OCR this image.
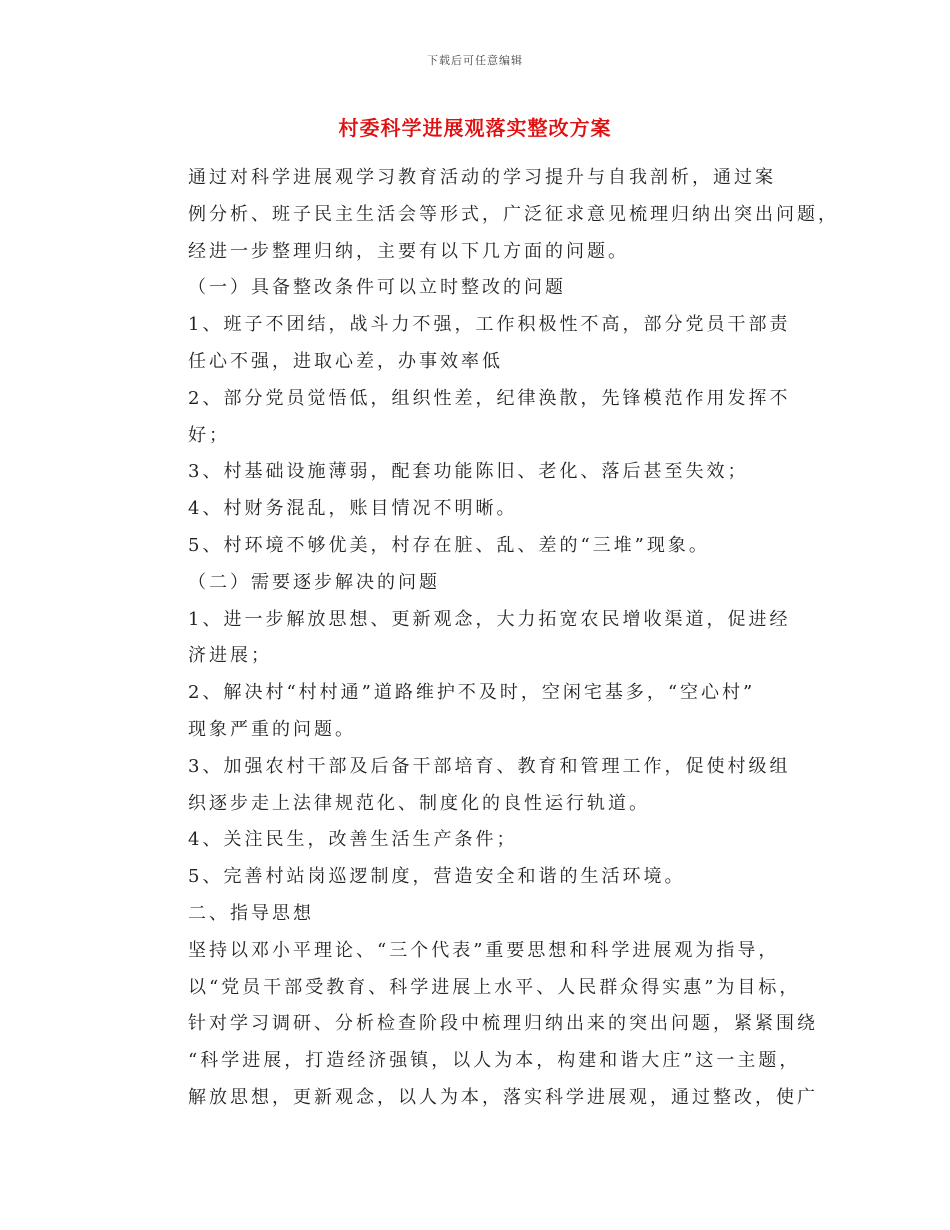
下载后可任意编辑
村委科学进展观落实整改方案

通过对科学进展观学习教育活动的学习提升与自我剖析，通过案
例分析、班子民主生活会等形式，广泛征求意见梳理归纳出突出问题，
经进一步整理归纳，主要有以下几方面的问题。

（一）具备整改条件可以立时整改的问题

1、班子不团结，战斗力不强，工作积极性不高，部分党员干部责
任心不强，进取心差，办事效率低

2、部分党员觉悟低，组织性差，纪律涣散，先锋模范作用发挥不
好；

3、村基础设施薄弱，配套功能陈旧、老化、落后甚至失效；

4、村财务混乱，账目情况不明晰。

5、村环境不够优美，村存在脏、乱、差的“三堆”现象。

（二）需要逐步解决的问题

1、进一步解放思想、更新观念，大力拓宽农民增收渠道，促进经
济进展；

2、解决村“村村通”道路维护不及时，空闲宅基多，“空心村”
现象严重的问题。

3、加强农村干部及后备干部培育、教育和管理工作，促使村级组
织逐步走上法律规范化、制度化的良性运行轨道。

4、关注民生，改善生活生产条件；

5、完善村站岗巡逻制度，营造安全和谐的生活环境。

二、指导思想

坚持以邓小平理论、“三个代表”重要思想和科学进展观为指导，
以“党员干部受教育、科学进展上水平、人民群众得实惠”为目标，
针对学习调研、分析检查阶段中梳理归纳出来的突出问题，紧紧围绕
“科学进展，打造经济强镇，以人为本，构建和谐大庄”这一主题，
解放思想，更新观念，以人为本，落实科学进展观，通过整改，使广
